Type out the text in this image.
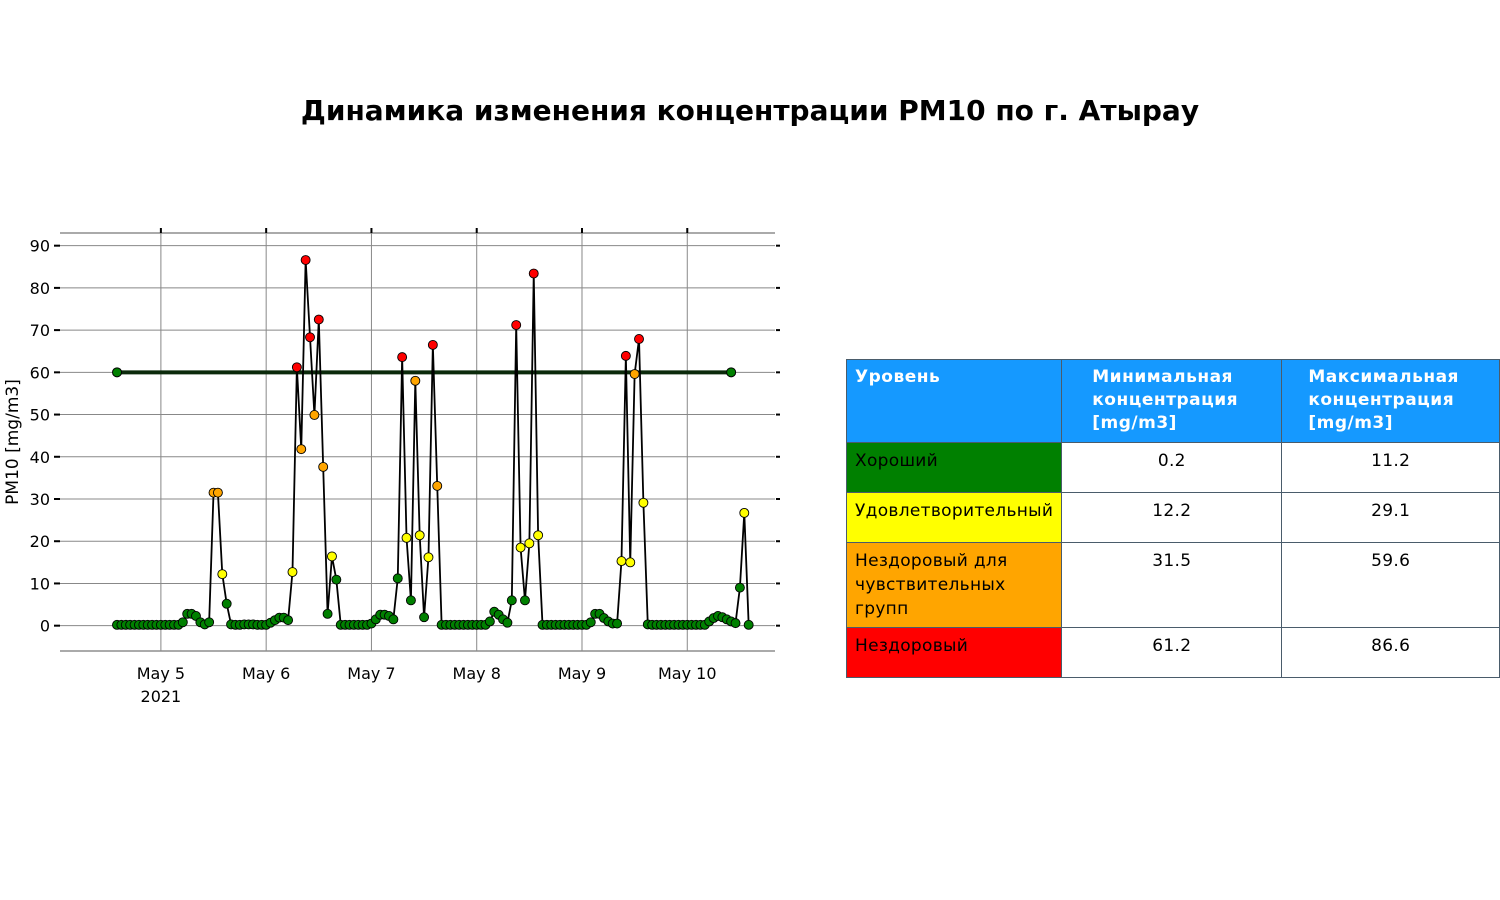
Динамика изменения концентрации PM10 по г. Атырау
0
10
20
30
40
50
60
70
80
90
May 5
2021
May 6	May 7	May 8	May 9	May 10
PM10 [mg/m3]
Уровень	Минимальная концентрация [mg/m3]	Максимальная концентрация [mg/m3]
Хороший	0.2	11.2
Удовлетворительный	12.2	29.1
Нездоровый для чувствительных групп	31.5	59.6
Нездоровый	61.2	86.6
